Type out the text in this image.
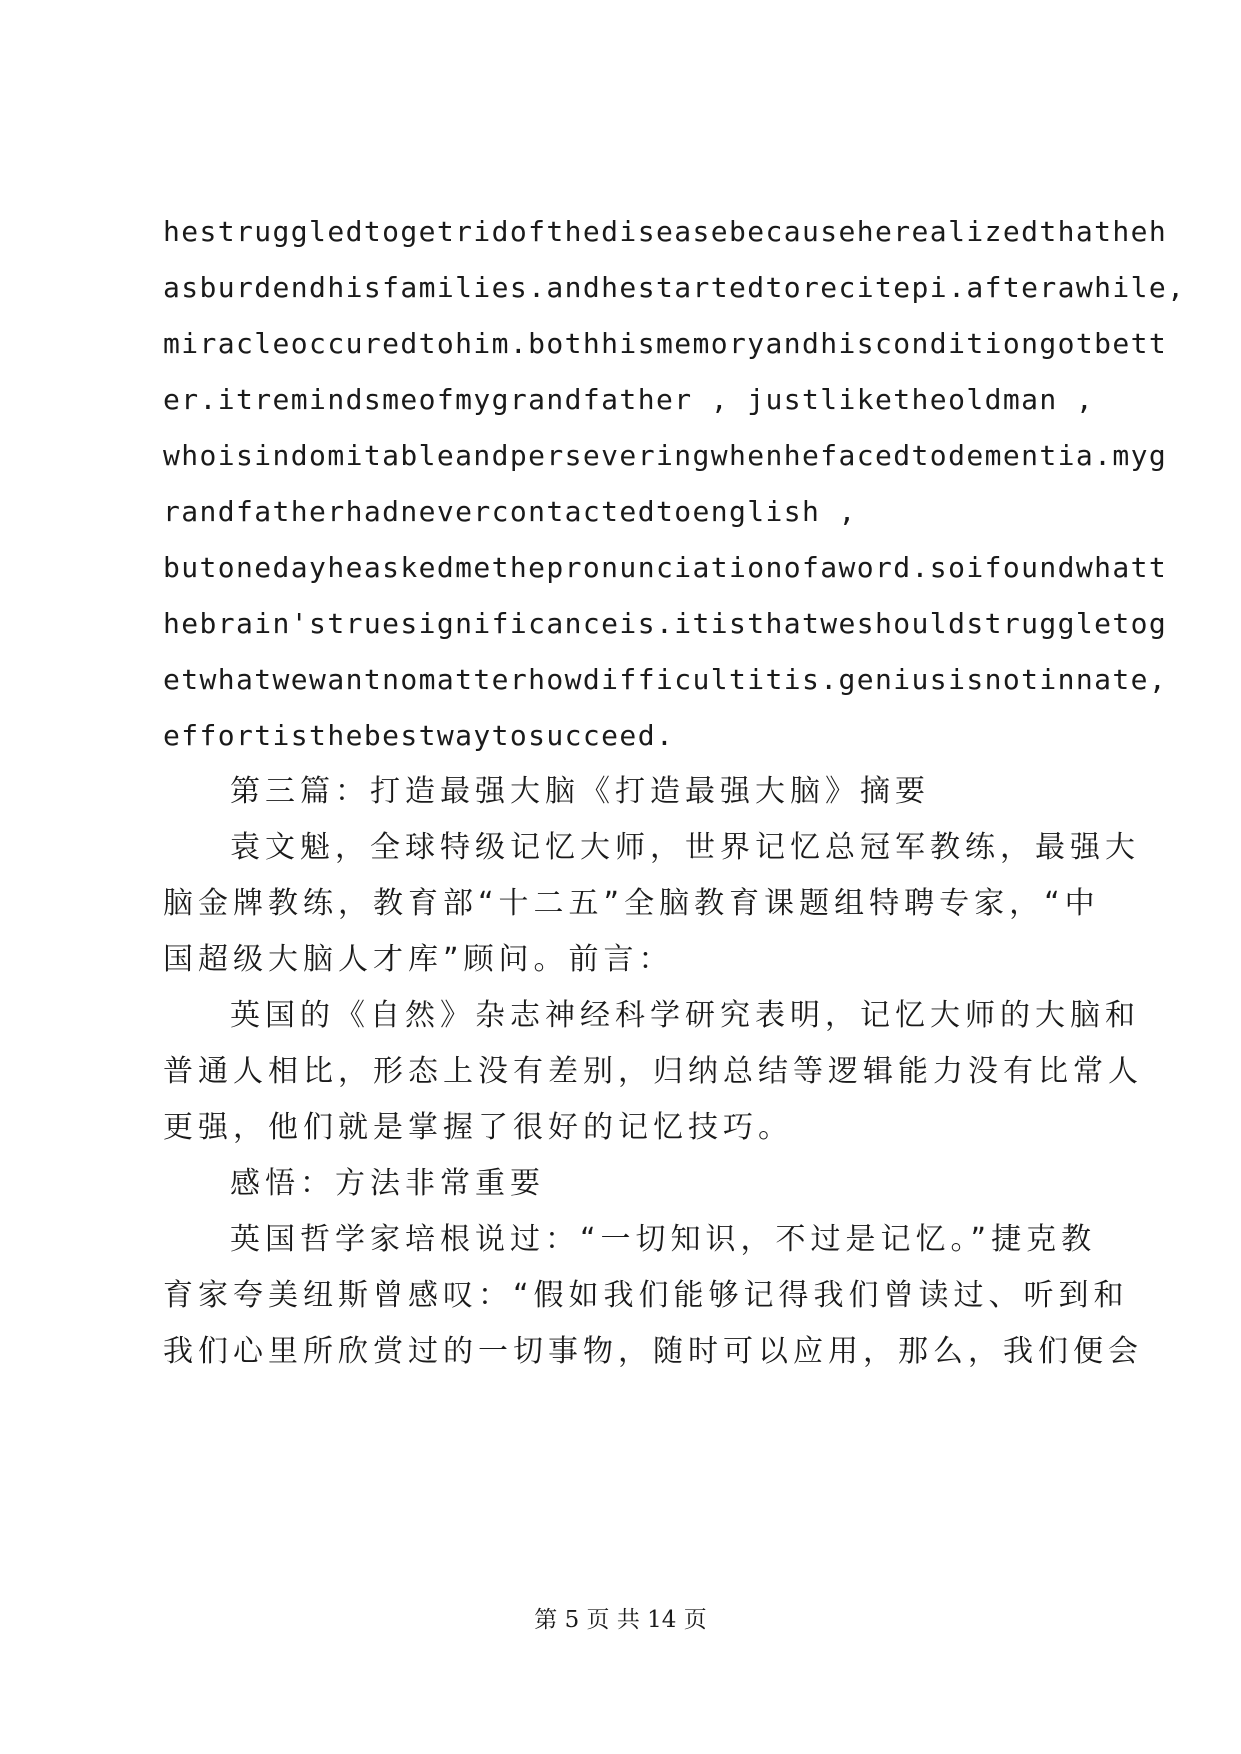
hestruggledtogetridofthediseasebecauseherealizedthatheh

asburdendhisfamilies.andhestartedtorecitepi.afterawhile,

miracleoccuredtohim.bothhismemoryandhisconditiongotbett

er.itremindsmeofmygrandfather , justliketheoldman ,

whoisindomitableandperseveringwhenhefacedtodementia.myg

randfatherhadnevercontactedtoenglish ,

butonedayheaskedmethepronunciationofaword.soifoundwhatt

hebrain'struesignificanceis.itisthatweshouldstruggletog

etwhatwewantnomatterhowdifficultitis.geniusisnotinnate,

effortisthebestwaytosucceed.

第三篇：打造最强大脑《打造最强大脑》摘要

袁文魁，全球特级记忆大师，世界记忆总冠军教练，最强大

脑金牌教练，教育部“十二五”全脑教育课题组特聘专家，“中

国超级大脑人才库”顾问。前言：

英国的《自然》杂志神经科学研究表明，记忆大师的大脑和

普通人相比，形态上没有差别，归纳总结等逻辑能力没有比常人

更强，他们就是掌握了很好的记忆技巧。

感悟：方法非常重要

英国哲学家培根说过：“一切知识，不过是记忆。”捷克教

育家夸美纽斯曾感叹：“假如我们能够记得我们曾读过、听到和

我们心里所欣赏过的一切事物，随时可以应用，那么，我们便会

第 5 页 共 14 页
